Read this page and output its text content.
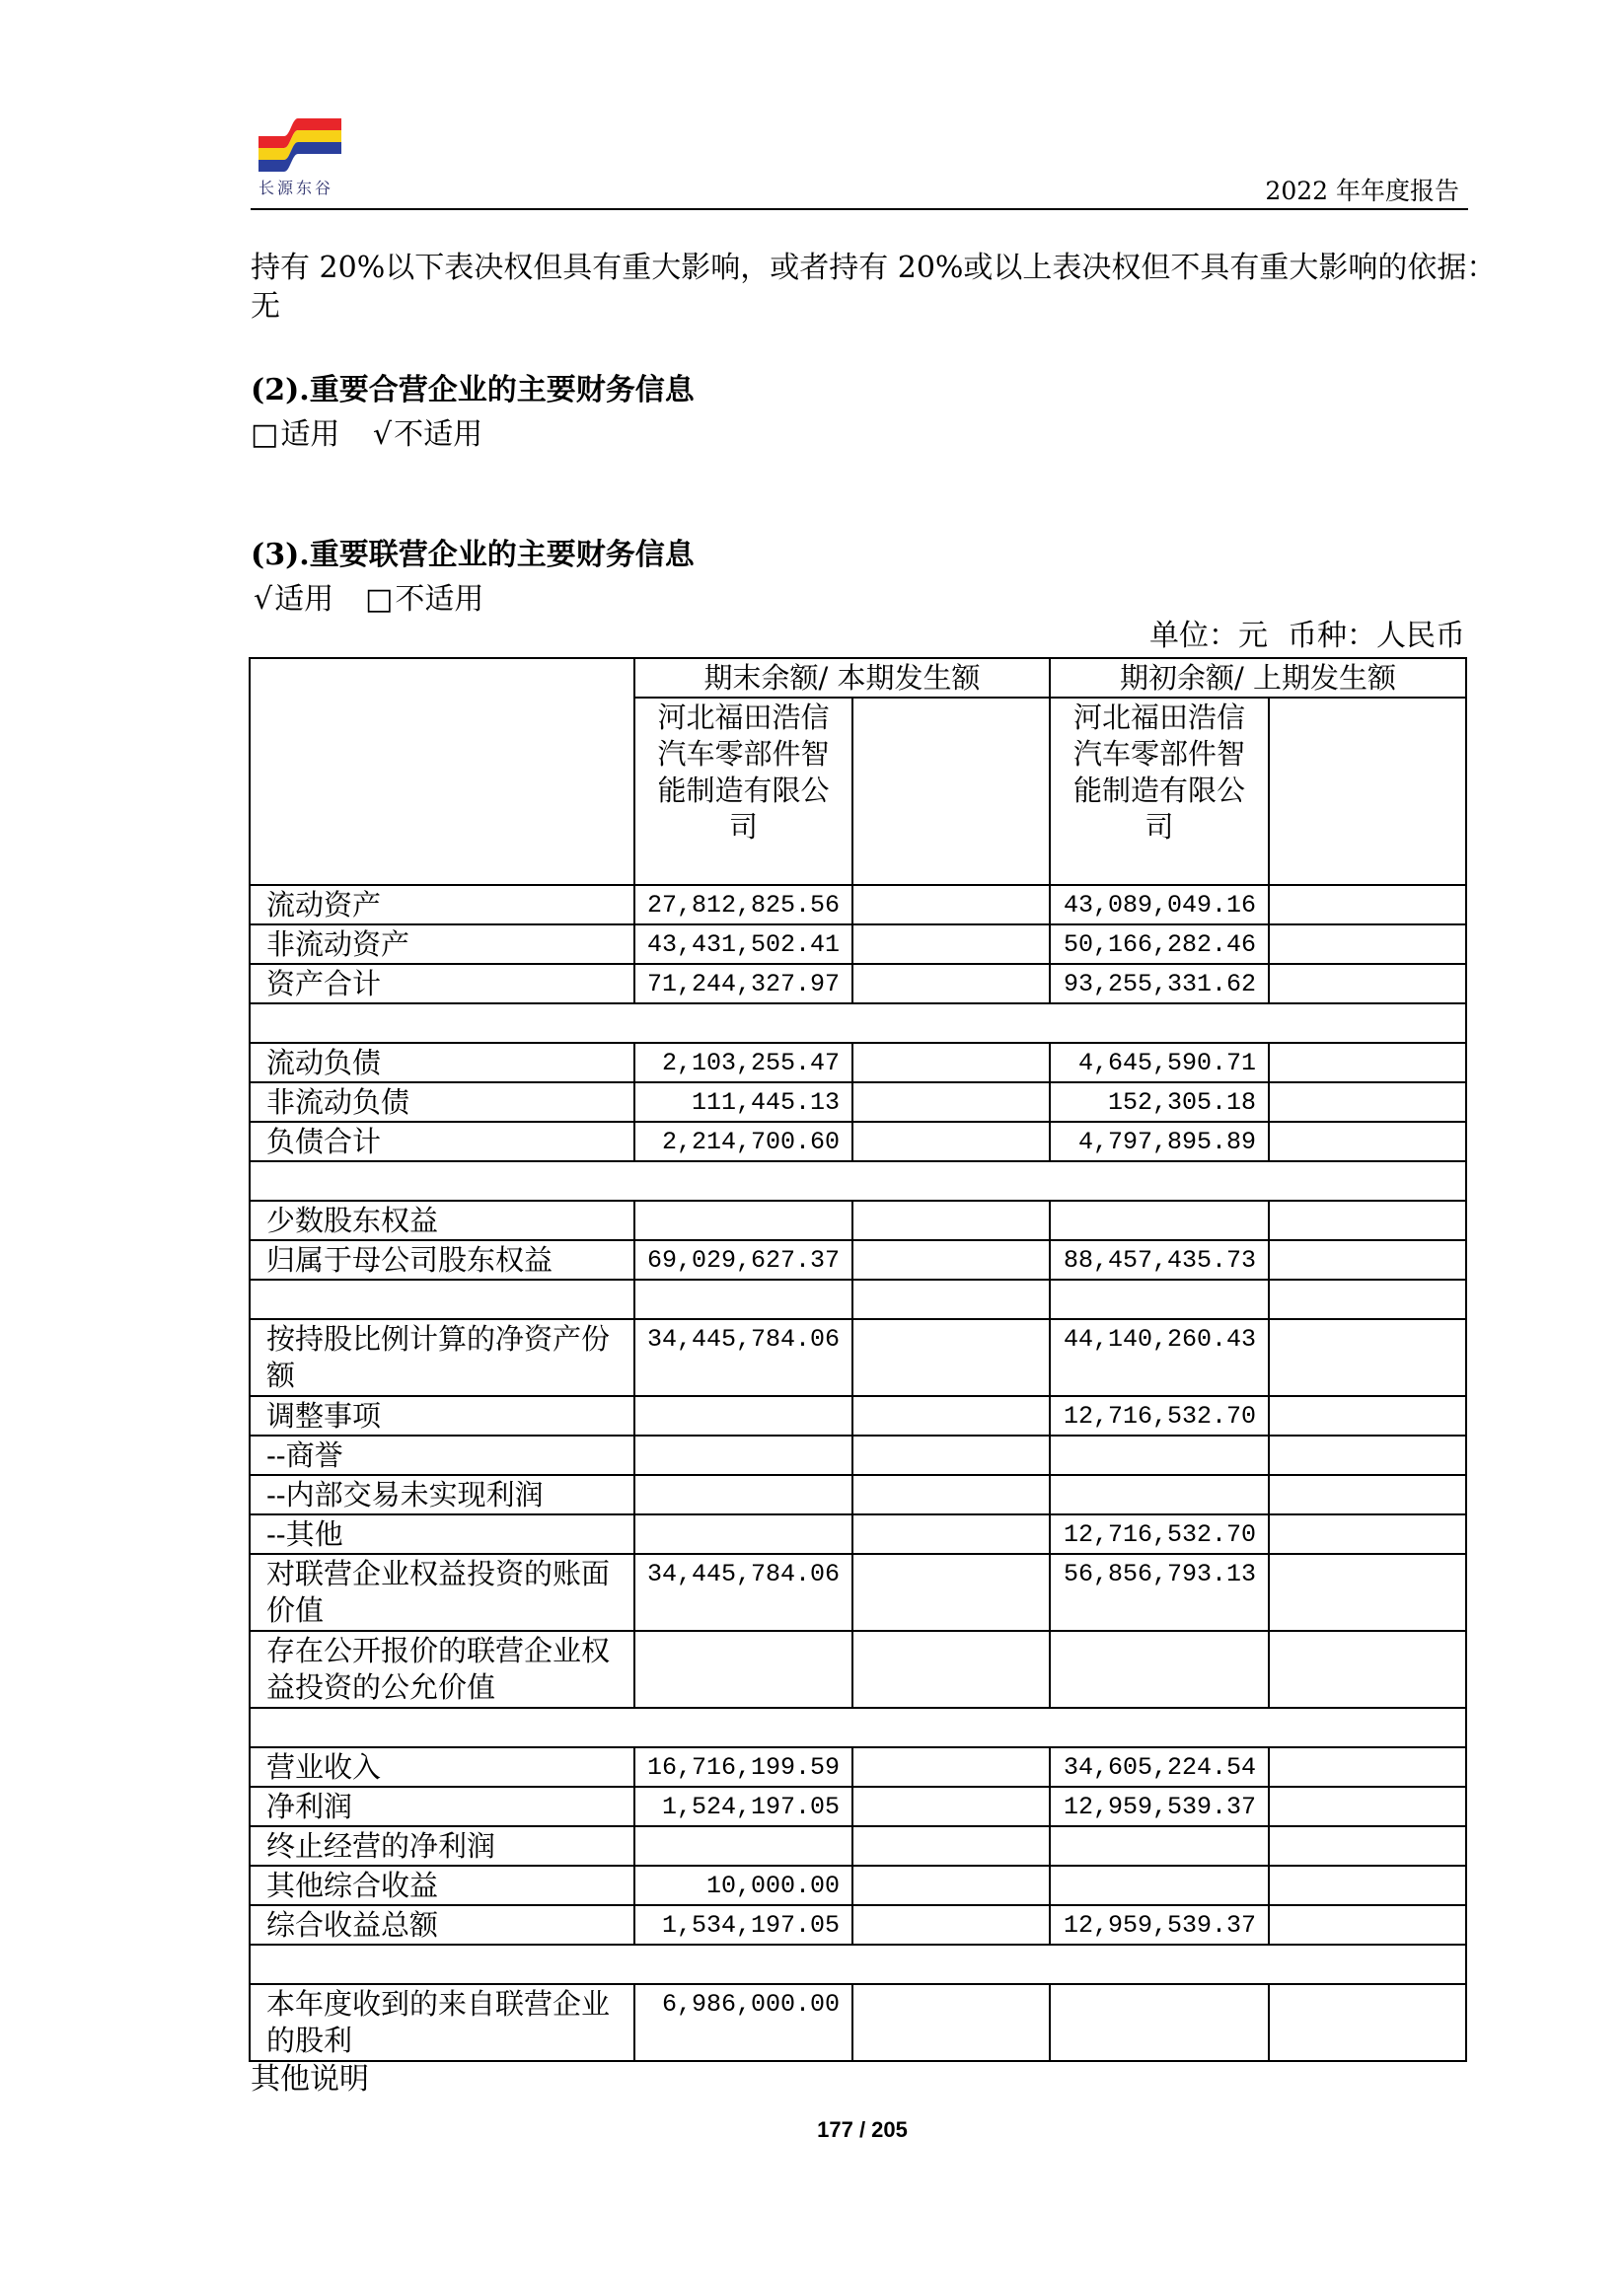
长源东谷	2022 年年度报告
持有 20%以下表决权但具有重大影响，或者持有 20%或以上表决权但不具有重大影响的依据：
无
(2).重要合营企业的主要财务信息
□适用 √不适用
(3).重要联营企业的主要财务信息
√适用 □不适用
单位：元 币种：人民币
	期末余额/ 本期发生额		期初余额/ 上期发生额	
	河北福田浩信汽车零部件智能制造有限公司		河北福田浩信汽车零部件智能制造有限公司	
流动资产	27,812,825.56		43,089,049.16	
非流动资产	43,431,502.41		50,166,282.46	
资产合计	71,244,327.97		93,255,331.62	

流动负债	2,103,255.47		4,645,590.71	
非流动负债	111,445.13		152,305.18	
负债合计	2,214,700.60		4,797,895.89	

少数股东权益				
归属于母公司股东权益	69,029,627.37		88,457,435.73	

按持股比例计算的净资产份额	34,445,784.06		44,140,260.43	
调整事项			12,716,532.70	
--商誉				
--内部交易未实现利润				
--其他			12,716,532.70	
对联营企业权益投资的账面价值	34,445,784.06		56,856,793.13	
存在公开报价的联营企业权益投资的公允价值				

营业收入	16,716,199.59		34,605,224.54	
净利润	1,524,197.05		12,959,539.37	
终止经营的净利润				
其他综合收益	10,000.00			
综合收益总额	1,534,197.05		12,959,539.37	

本年度收到的来自联营企业的股利	6,986,000.00			
其他说明
177 / 205
